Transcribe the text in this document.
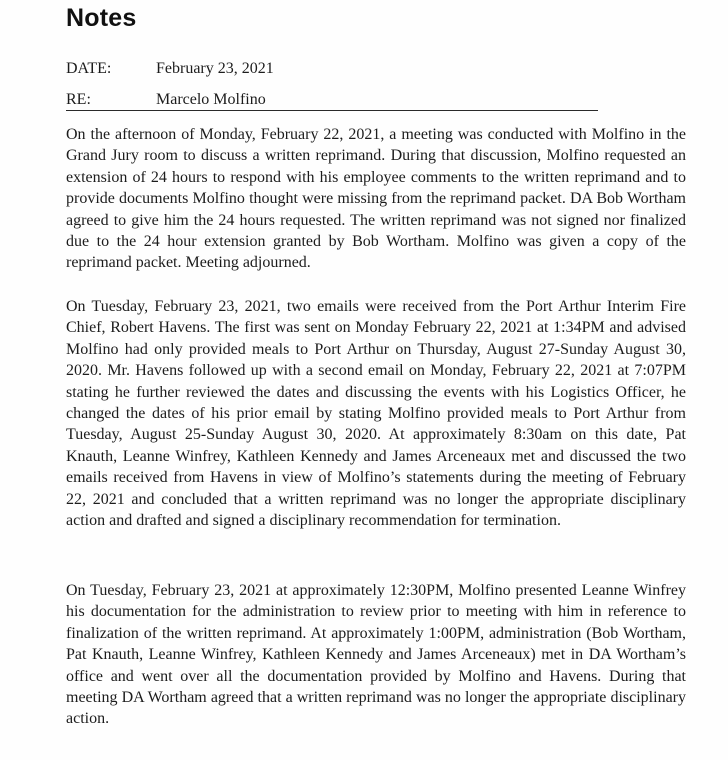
Notes
DATE:	February 23, 2021
RE:	Marcelo Molfino

On the afternoon of Monday, February 22, 2021, a meeting was conducted with Molfino in the Grand Jury room to discuss a written reprimand. During that discussion, Molfino requested an extension of 24 hours to respond with his employee comments to the written reprimand and to provide documents Molfino thought were missing from the reprimand packet. DA Bob Wortham agreed to give him the 24 hours requested. The written reprimand was not signed nor finalized due to the 24 hour extension granted by Bob Wortham. Molfino was given a copy of the reprimand packet. Meeting adjourned.

On Tuesday, February 23, 2021, two emails were received from the Port Arthur Interim Fire Chief, Robert Havens. The first was sent on Monday February 22, 2021 at 1:34PM and advised Molfino had only provided meals to Port Arthur on Thursday, August 27-Sunday August 30, 2020. Mr. Havens followed up with a second email on Monday, February 22, 2021 at 7:07PM stating he further reviewed the dates and discussing the events with his Logistics Officer, he changed the dates of his prior email by stating Molfino provided meals to Port Arthur from Tuesday, August 25-Sunday August 30, 2020. At approximately 8:30am on this date, Pat Knauth, Leanne Winfrey, Kathleen Kennedy and James Arceneaux met and discussed the two emails received from Havens in view of Molfino’s statements during the meeting of February 22, 2021 and concluded that a written reprimand was no longer the appropriate disciplinary action and drafted and signed a disciplinary recommendation for termination.

On Tuesday, February 23, 2021 at approximately 12:30PM, Molfino presented Leanne Winfrey his documentation for the administration to review prior to meeting with him in reference to finalization of the written reprimand. At approximately 1:00PM, administration (Bob Wortham, Pat Knauth, Leanne Winfrey, Kathleen Kennedy and James Arceneaux) met in DA Wortham’s office and went over all the documentation provided by Molfino and Havens. During that meeting DA Wortham agreed that a written reprimand was no longer the appropriate disciplinary action.
